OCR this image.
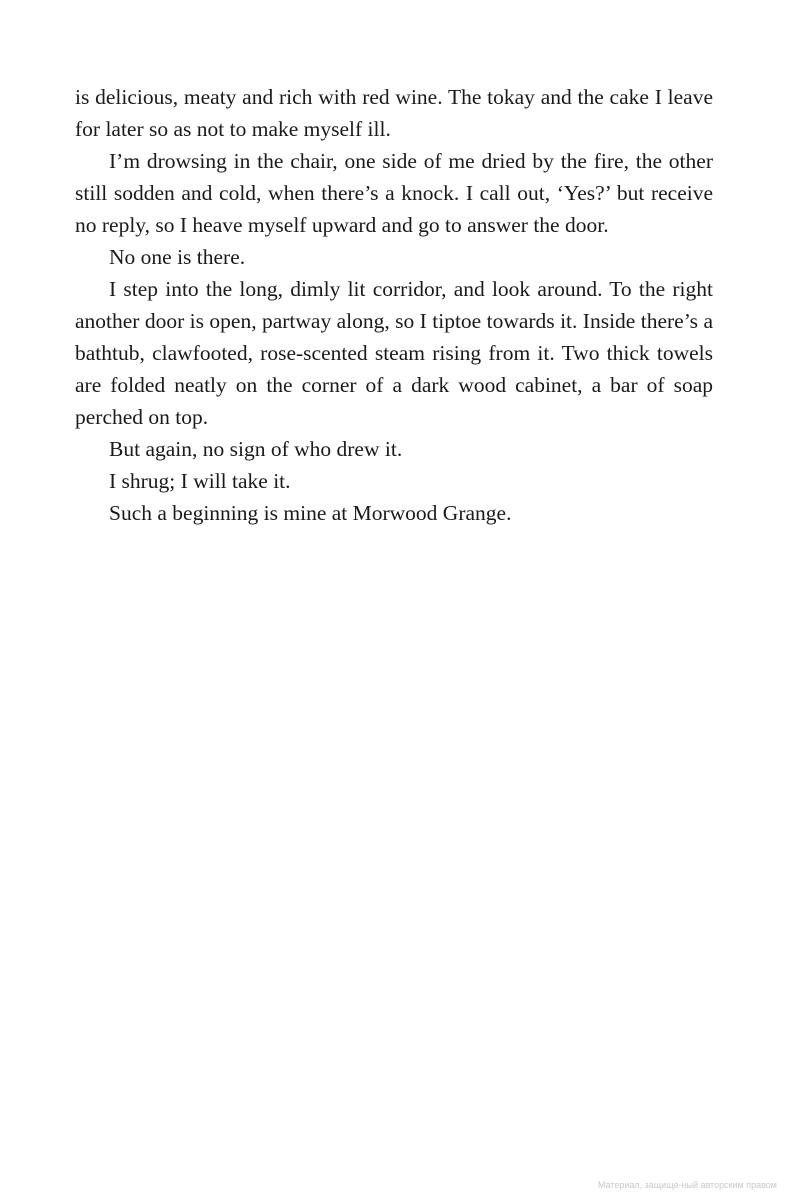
is delicious, meaty and rich with red wine. The tokay and the cake I leave for later so as not to make myself ill.

I’m drowsing in the chair, one side of me dried by the fire, the other still sodden and cold, when there’s a knock. I call out, ‘Yes?’ but receive no reply, so I heave myself upward and go to answer the door.

No one is there.

I step into the long, dimly lit corridor, and look around. To the right another door is open, partway along, so I tiptoe towards it. Inside there’s a bathtub, clawfooted, rose-scented steam rising from it. Two thick towels are folded neatly on the corner of a dark wood cabinet, a bar of soap perched on top.

But again, no sign of who drew it.

I shrug; I will take it.

Such a beginning is mine at Morwood Grange.

Материал, защище-ный авторским правом
